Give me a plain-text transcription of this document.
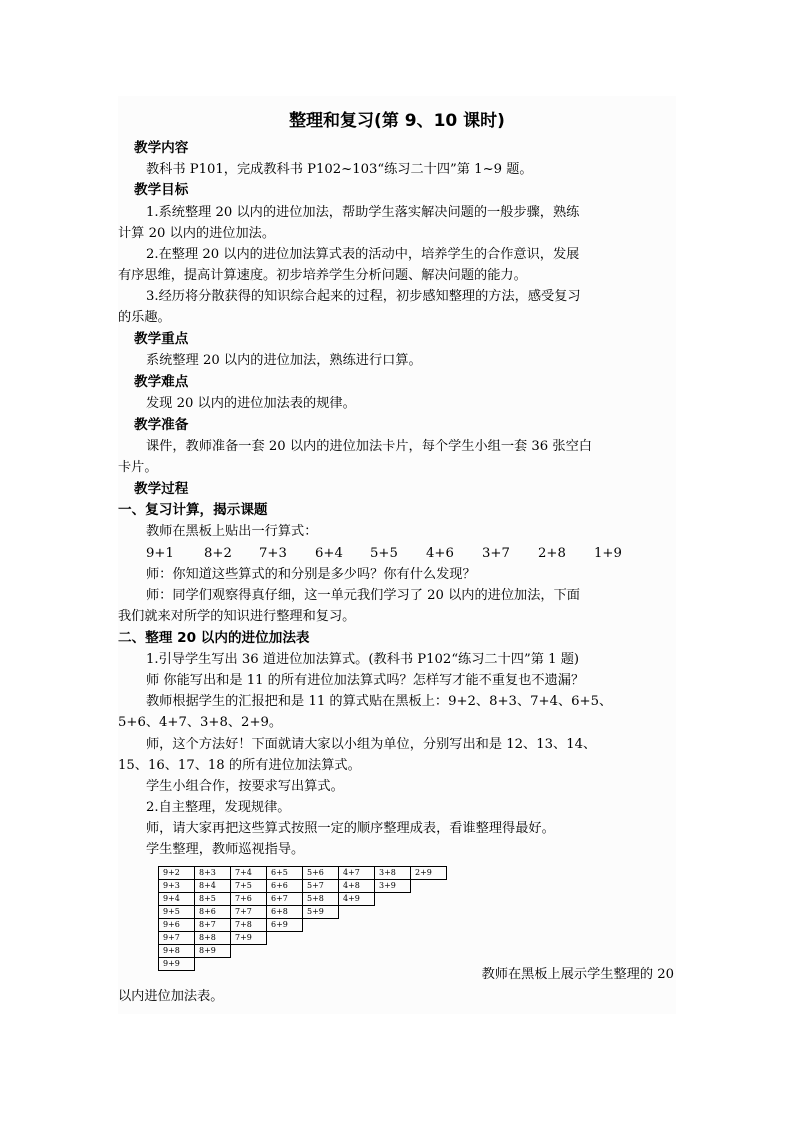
整理和复习(第 9、10 课时)
教学内容
教科书 P101，完成教科书 P102~103“练习二十四”第 1~9 题。
教学目标
1.系统整理 20 以内的进位加法，帮助学生落实解决问题的一般步骤，熟练
计算 20 以内的进位加法。
2.在整理 20 以内的进位加法算式表的活动中，培养学生的合作意识，发展
有序思维，提高计算速度。初步培养学生分析问题、解决问题的能力。
3.经历将分散获得的知识综合起来的过程，初步感知整理的方法，感受复习
的乐趣。
教学重点
系统整理 20 以内的进位加法，熟练进行口算。
教学难点
发现 20 以内的进位加法表的规律。
教学准备
课件，教师准备一套 20 以内的进位加法卡片，每个学生小组一套 36 张空白
卡片。
教学过程
一、复习计算，揭示课题
教师在黑板上贴出一行算式：
9+1 8+2 7+3 6+4 5+5 4+6 3+7 2+8 1+9
师：你知道这些算式的和分别是多少吗？你有什么发现？
师：同学们观察得真仔细，这一单元我们学习了 20 以内的进位加法，下面
我们就来对所学的知识进行整理和复习。
二、整理 20 以内的进位加法表
1.引导学生写出 36 道进位加法算式。(教科书 P102“练习二十四”第 1 题)
师 你能写出和是 11 的所有进位加法算式吗？怎样写才能不重复也不遗漏？
教师根据学生的汇报把和是 11 的算式贴在黑板上：9+2、8+3、7+4、6+5、
5+6、4+7、3+8、2+9。
师，这个方法好！下面就请大家以小组为单位，分别写出和是 12、13、14、
15、16、17、18 的所有进位加法算式。
学生小组合作，按要求写出算式。
2.自主整理，发现规律。
师，请大家再把这些算式按照一定的顺序整理成表，看谁整理得最好。
学生整理，教师巡视指导。
9+2	8+3	7+4	6+5	5+6	4+7	3+8	2+9
9+3	8+4	7+5	6+6	5+7	4+8	3+9	
9+4	8+5	7+6	6+7	5+8	4+9		
9+5	8+6	7+7	6+8	5+9			
9+6	8+7	7+8	6+9				
9+7	8+8	7+9					
9+8	8+9						
9+9							
教师在黑板上展示学生整理的 20
以内进位加法表。
